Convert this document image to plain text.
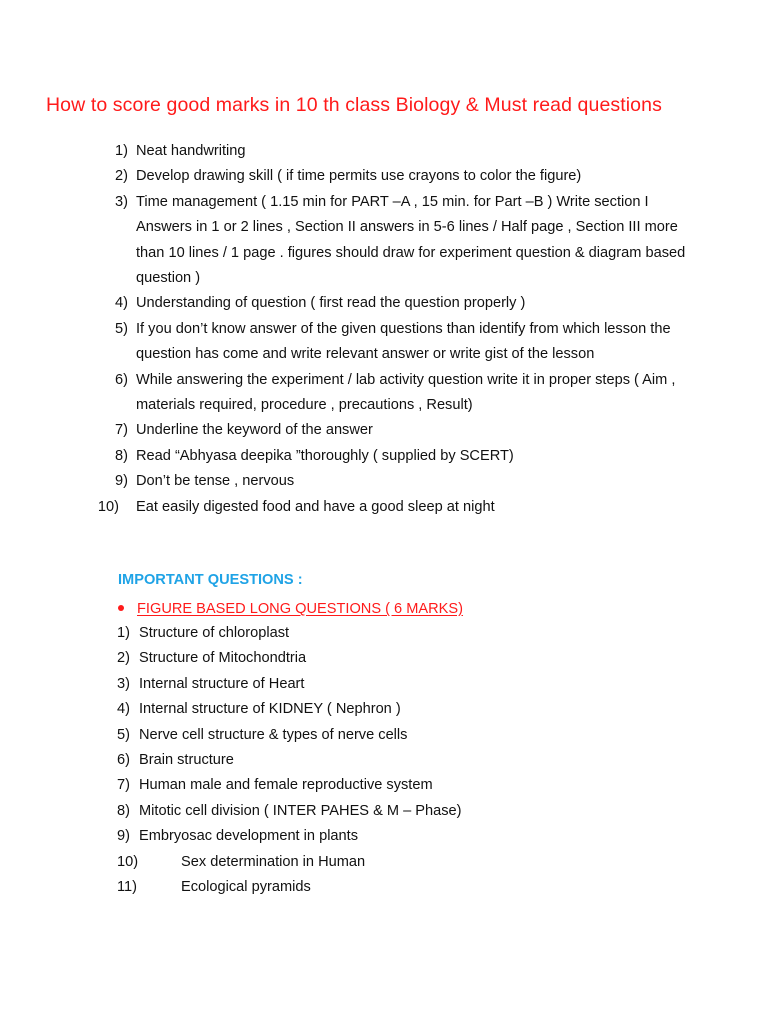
How to score good marks in 10 th class Biology & Must read questions
1) Neat handwriting
2) Develop drawing skill ( if time permits use crayons to color the figure)
3) Time management ( 1.15 min for PART –A , 15 min. for Part –B ) Write section I Answers in 1 or 2 lines , Section II answers in 5-6 lines / Half page , Section III more than 10 lines / 1 page . figures should draw for experiment question & diagram based question )
4) Understanding of question ( first read the question properly )
5) If you don’t know answer of the given questions than identify from which lesson the question has come and write relevant answer or write gist of the lesson
6) While answering the experiment / lab activity question write it in proper steps ( Aim , materials required, procedure , precautions , Result)
7) Underline the keyword of the answer
8) Read “Abhyasa deepika ”thoroughly ( supplied by SCERT)
9) Don’t be tense , nervous
10) Eat easily digested food and have a good sleep at night
IMPORTANT QUESTIONS :
FIGURE BASED LONG QUESTIONS ( 6 MARKS)
1) Structure of chloroplast
2) Structure of Mitochondtria
3) Internal structure of Heart
4) Internal structure of KIDNEY ( Nephron )
5) Nerve cell structure & types of nerve cells
6) Brain structure
7) Human male and female reproductive system
8) Mitotic cell division ( INTER PAHES & M – Phase)
9) Embryosac development in plants
10)	Sex determination in Human
11)	Ecological pyramids
